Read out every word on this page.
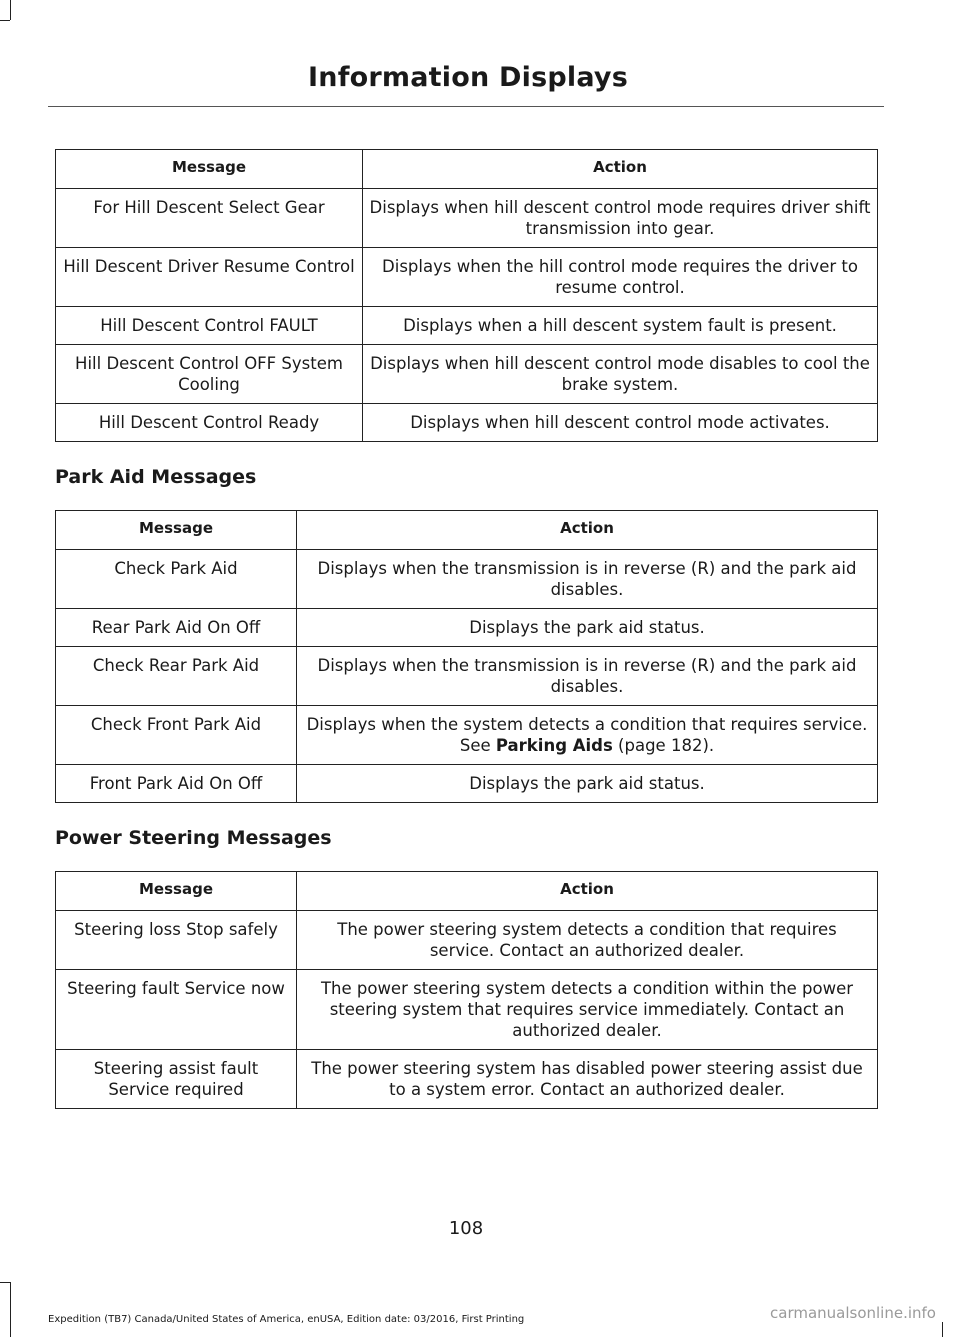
Information Displays
Message	Action
For Hill Descent Select Gear	Displays when hill descent control mode requires driver shift transmission into gear.
Hill Descent Driver Resume Control	Displays when the hill control mode requires the driver to resume control.
Hill Descent Control FAULT	Displays when a hill descent system fault is present.
Hill Descent Control OFF System Cooling	Displays when hill descent control mode disables to cool the brake system.
Hill Descent Control Ready	Displays when hill descent control mode activates.
Park Aid Messages
Message	Action
Check Park Aid	Displays when the transmission is in reverse (R) and the park aid disables.
Rear Park Aid On Off	Displays the park aid status.
Check Rear Park Aid	Displays when the transmission is in reverse (R) and the park aid disables.
Check Front Park Aid	Displays when the system detects a condition that requires service. See Parking Aids (page 182).
Front Park Aid On Off	Displays the park aid status.
Power Steering Messages
Message	Action
Steering loss Stop safely	The power steering system detects a condition that requires service. Contact an authorized dealer.
Steering fault Service now	The power steering system detects a condition within the power steering system that requires service immediately. Contact an authorized dealer.
Steering assist fault Service required	The power steering system has disabled power steering assist due to a system error. Contact an authorized dealer.
108
Expedition (TB7) Canada/United States of America, enUSA, Edition date: 03/2016, First Printing	carmanualsonline.info
